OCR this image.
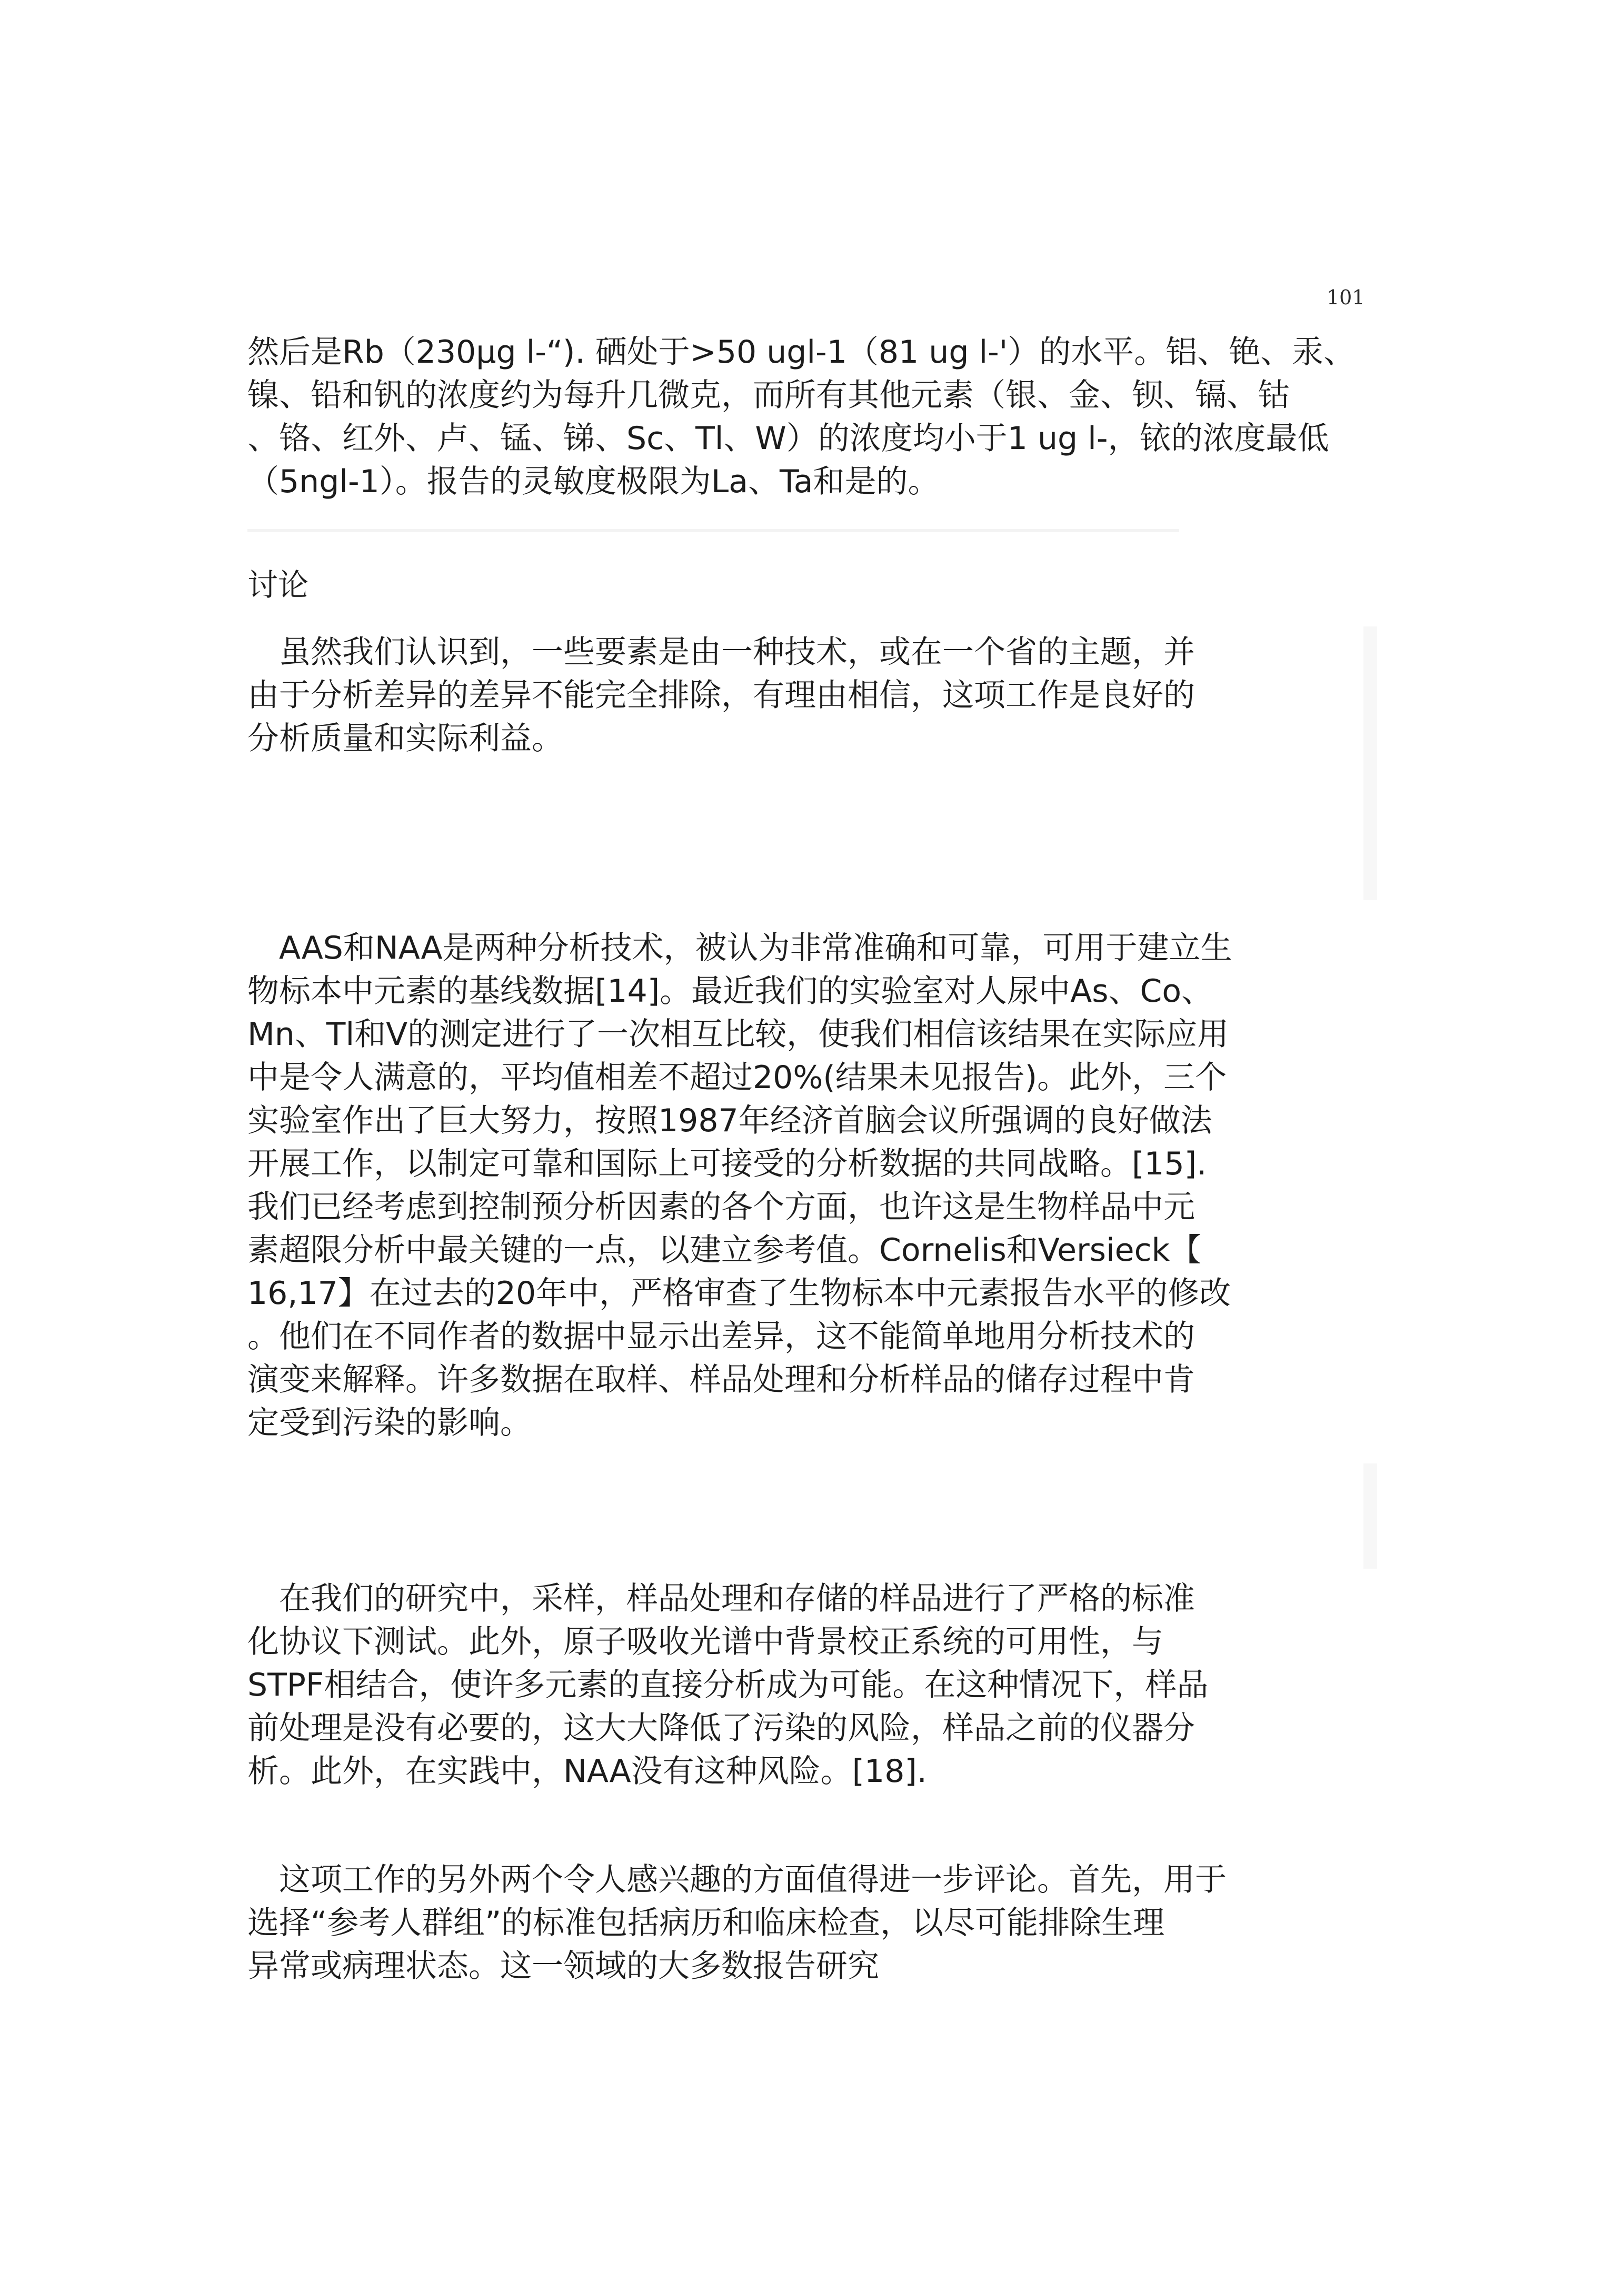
101
然后是Rb（230μg l-“). 硒处于>50 ugl-1（81 ug l-'）的水平。铝、铯、汞、
镍、铅和钒的浓度约为每升几微克，而所有其他元素（银、金、钡、镉、钴
、铬、红外、卢、锰、锑、Sc、Tl、W）的浓度均小于1 ug l-，铱的浓度最低
（5ngl-1）。报告的灵敏度极限为La、Ta和是的。
讨论
虽然我们认识到，一些要素是由一种技术，或在一个省的主题，并
由于分析差异的差异不能完全排除，有理由相信，这项工作是良好的
分析质量和实际利益。
AAS和NAA是两种分析技术，被认为非常准确和可靠，可用于建立生
物标本中元素的基线数据[14]。最近我们的实验室对人尿中As、Co、
Mn、Tl和V的测定进行了一次相互比较，使我们相信该结果在实际应用
中是令人满意的，平均值相差不超过20%(结果未见报告)。此外，三个
实验室作出了巨大努力，按照1987年经济首脑会议所强调的良好做法
开展工作，以制定可靠和国际上可接受的分析数据的共同战略。[15].
我们已经考虑到控制预分析因素的各个方面，也许这是生物样品中元
素超限分析中最关键的一点，以建立参考值。Cornelis和Versieck【
16,17】在过去的20年中，严格审查了生物标本中元素报告水平的修改
。他们在不同作者的数据中显示出差异，这不能简单地用分析技术的
演变来解释。许多数据在取样、样品处理和分析样品的储存过程中肯
定受到污染的影响。
在我们的研究中，采样，样品处理和存储的样品进行了严格的标准
化协议下测试。此外，原子吸收光谱中背景校正系统的可用性，与
STPF相结合，使许多元素的直接分析成为可能。在这种情况下，样品
前处理是没有必要的，这大大降低了污染的风险，样品之前的仪器分
析。此外，在实践中，NAA没有这种风险。[18].
这项工作的另外两个令人感兴趣的方面值得进一步评论。首先，用于
选择“参考人群组”的标准包括病历和临床检查，以尽可能排除生理
异常或病理状态。这一领域的大多数报告研究
